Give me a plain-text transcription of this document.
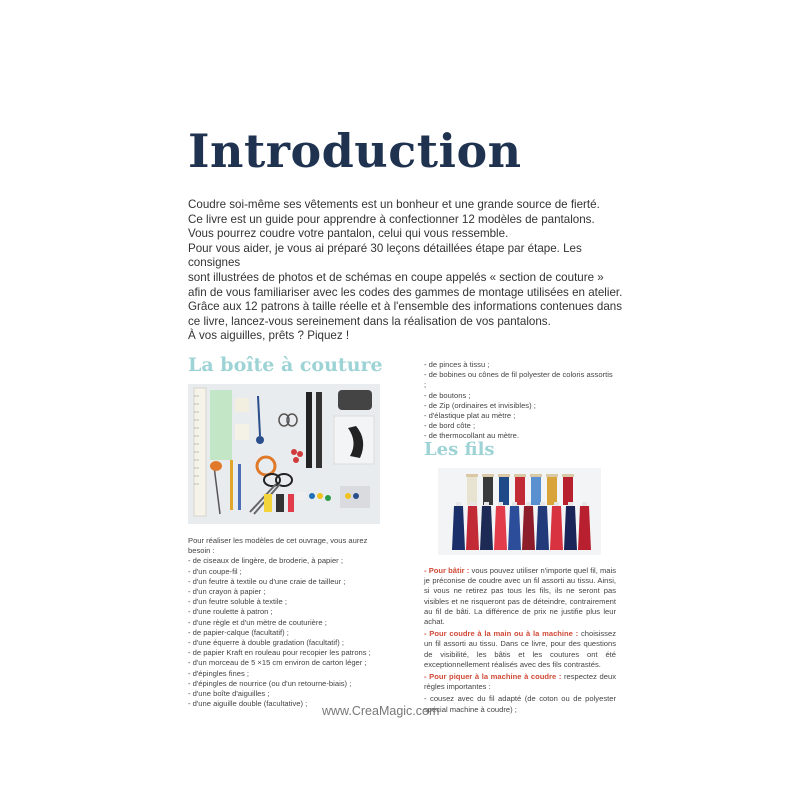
Introduction

Coudre soi-même ses vêtements est un bonheur et une grande source de fierté.

Ce livre est un guide pour apprendre à confectionner 12 modèles de pantalons.

Vous pourrez coudre votre pantalon, celui qui vous ressemble.

Pour vous aider, je vous ai préparé 30 leçons détaillées étape par étape. Les consignes

sont illustrées de photos et de schémas en coupe appelés « section de couture »

afin de vous familiariser avec les codes des gammes de montage utilisées en atelier.

Grâce aux 12 patrons à taille réelle et à l'ensemble des informations contenues dans

ce livre, lancez-vous sereinement dans la réalisation de vos pantalons.

À vos aiguilles, prêts ? Piquez !

La boîte à couture

Pour réaliser les modèles de cet ouvrage, vous aurez besoin :

- de ciseaux de lingère, de broderie, à papier ;
- d'un coupe-fil ;
- d'un feutre à textile ou d'une craie de tailleur ;
- d'un crayon à papier ;
- d'un feutre soluble à textile ;
- d'une roulette à patron ;
- d'une règle et d'un mètre de couturière ;
- de papier-calque (facultatif) ;
- d'une équerre à double gradation (facultatif) ;
- de papier Kraft en rouleau pour recopier les patrons ;
- d'un morceau de 5 ×15 cm environ de carton léger ;
- d'épingles fines ;
- d'épingles de nourrice (ou d'un retourne-biais) ;
- d'une boîte d'aiguilles ;
- d'une aiguille double (facultative) ;
- de pinces à tissu ;
- de bobines ou cônes de fil polyester de coloris assortis ;
- de boutons ;
- de Zip (ordinaires et invisibles) ;
- d'élastique plat au mètre ;
- de bord côte ;
- de thermocollant au mètre.
Les fils

- Pour bâtir : vous pouvez utiliser n'importe quel fil, mais je préconise de coudre avec un fil assorti au tissu. Ainsi, si vous ne retirez pas tous les fils, ils ne seront pas visibles et ne risqueront pas de déteindre, contrairement au fil de bâti. La différence de prix ne justifie plus leur achat.

- Pour coudre à la main ou à la machine : choisissez un fil assorti au tissu. Dans ce livre, pour des questions de visibilité, les bâtis et les coutures ont été exceptionnellement réalisés avec des fils contrastés.

- Pour piquer à la machine à coudre : respectez deux règles importantes :

- cousez avec du fil adapté (de coton ou de polyester spécial machine à coudre) ;

www.CreaMagic.com
